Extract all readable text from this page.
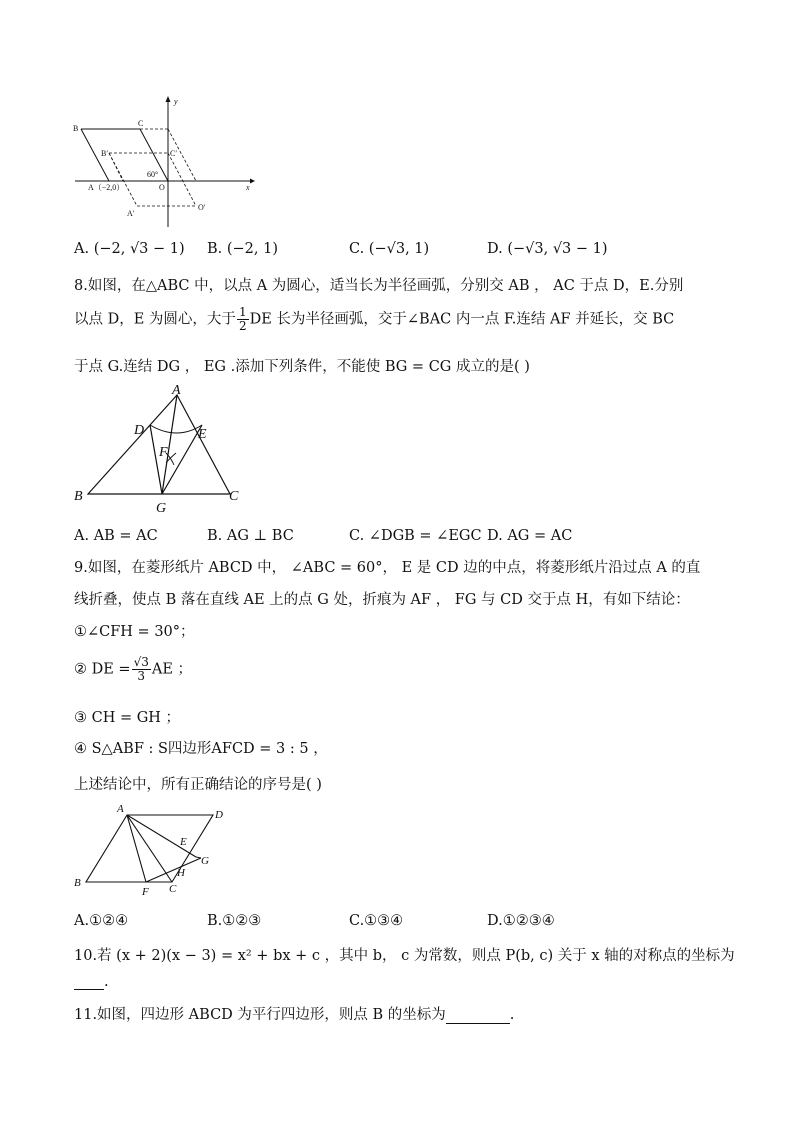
y
x
B
C
B′	C′
60°
A（−2,0）	O
A′
O′
A. (−2, √3 − 1) B. (−2, 1)	C. (−√3, 1)	D. (−√3, √3 − 1)
8.如图，在△ABC 中，以点 A 为圆心，适当长为半径画弧，分别交 AB ， AC 于点 D，E.分别
以点 D，E 为圆心，大于 $\frac{1}{2}$ DE 长为半径画弧，交于∠BAC 内一点 F.连结 AF 并延长，交 BC
于点 G.连结 DG ， EG .添加下列条件，不能使 BG = CG 成立的是( )
A
D	E
F
B
G
C
A. AB = AC	B. AG ⊥ BC	C. ∠DGB = ∠EGC D. AG = AC
9.如图，在菱形纸片 ABCD 中， ∠ABC = 60°， E 是 CD 边的中点，将菱形纸片沿过点 A 的直
线折叠，使点 B 落在直线 AE 上的点 G 处，折痕为 AF ， FG 与 CD 交于点 H，有如下结论：
①∠CFH = 30°；
② DE = $\frac{√3}{3}$ AE ；
③ CH = GH ；
④ S△ABF : S四边形AFCD = 3 : 5 ，
上述结论中，所有正确结论的序号是( )
A	D
E
G
H
B
F C
A.①②④	B.①②③	C.①③④	D.①②③④
10.若 (x + 2)(x − 3) = x² + bx + c ，其中 b， c 为常数，则点 P(b, c) 关于 x 轴的对称点的坐标为
.
11.如图，四边形 ABCD 为平行四边形，则点 B 的坐标为	.
